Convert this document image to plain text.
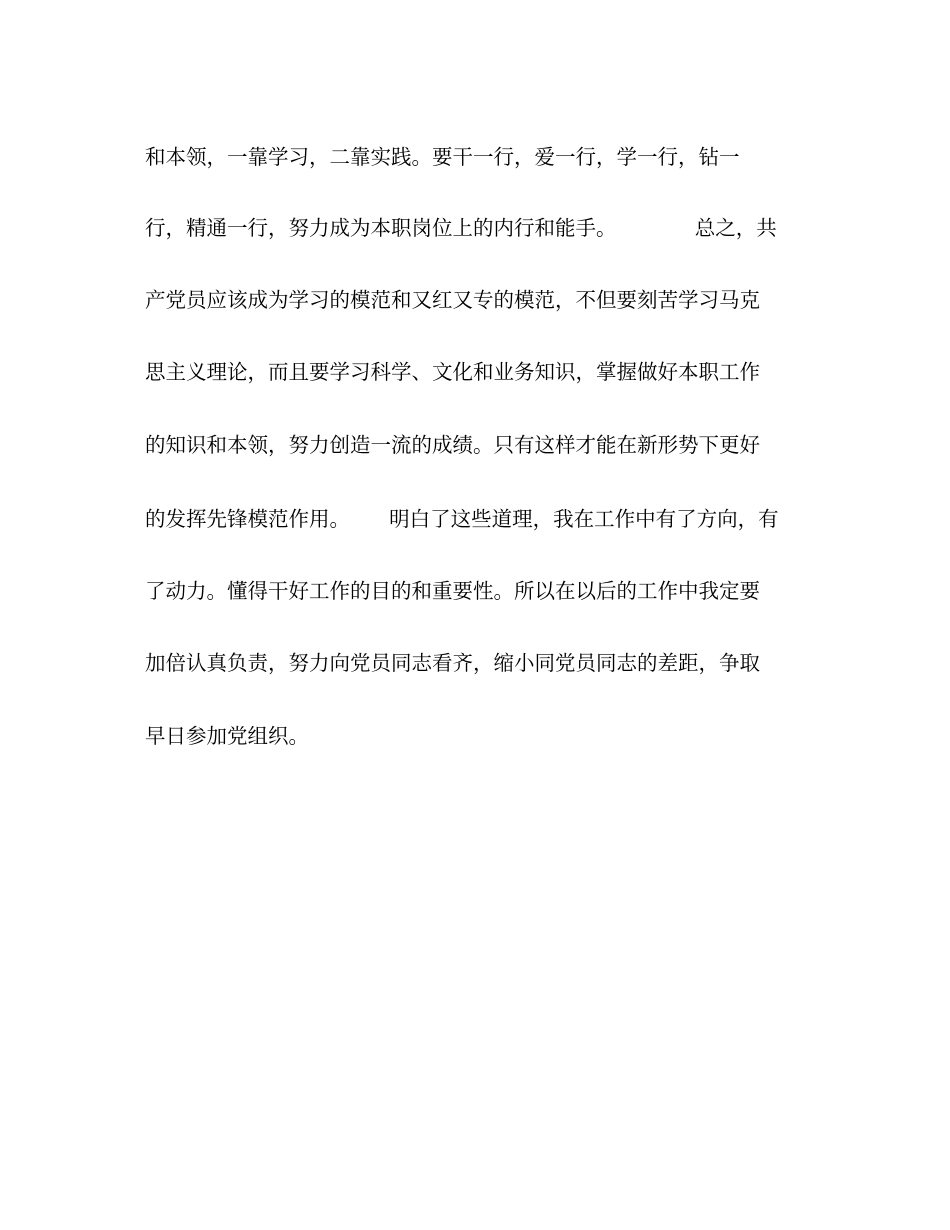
和本领，一靠学习，二靠实践。要干一行，爱一行，学一行，钻一

行，精通一行，努力成为本职岗位上的内行和能手。            总之，共

产党员应该成为学习的模范和又红又专的模范，不但要刻苦学习马克

思主义理论，而且要学习科学、文化和业务知识，掌握做好本职工作

的知识和本领，努力创造一流的成绩。只有这样才能在新形势下更好

的发挥先锋模范作用。      明白了这些道理，我在工作中有了方向，有

了动力。懂得干好工作的目的和重要性。所以在以后的工作中我定要

加倍认真负责，努力向党员同志看齐，缩小同党员同志的差距，争取

早日参加党组织。
